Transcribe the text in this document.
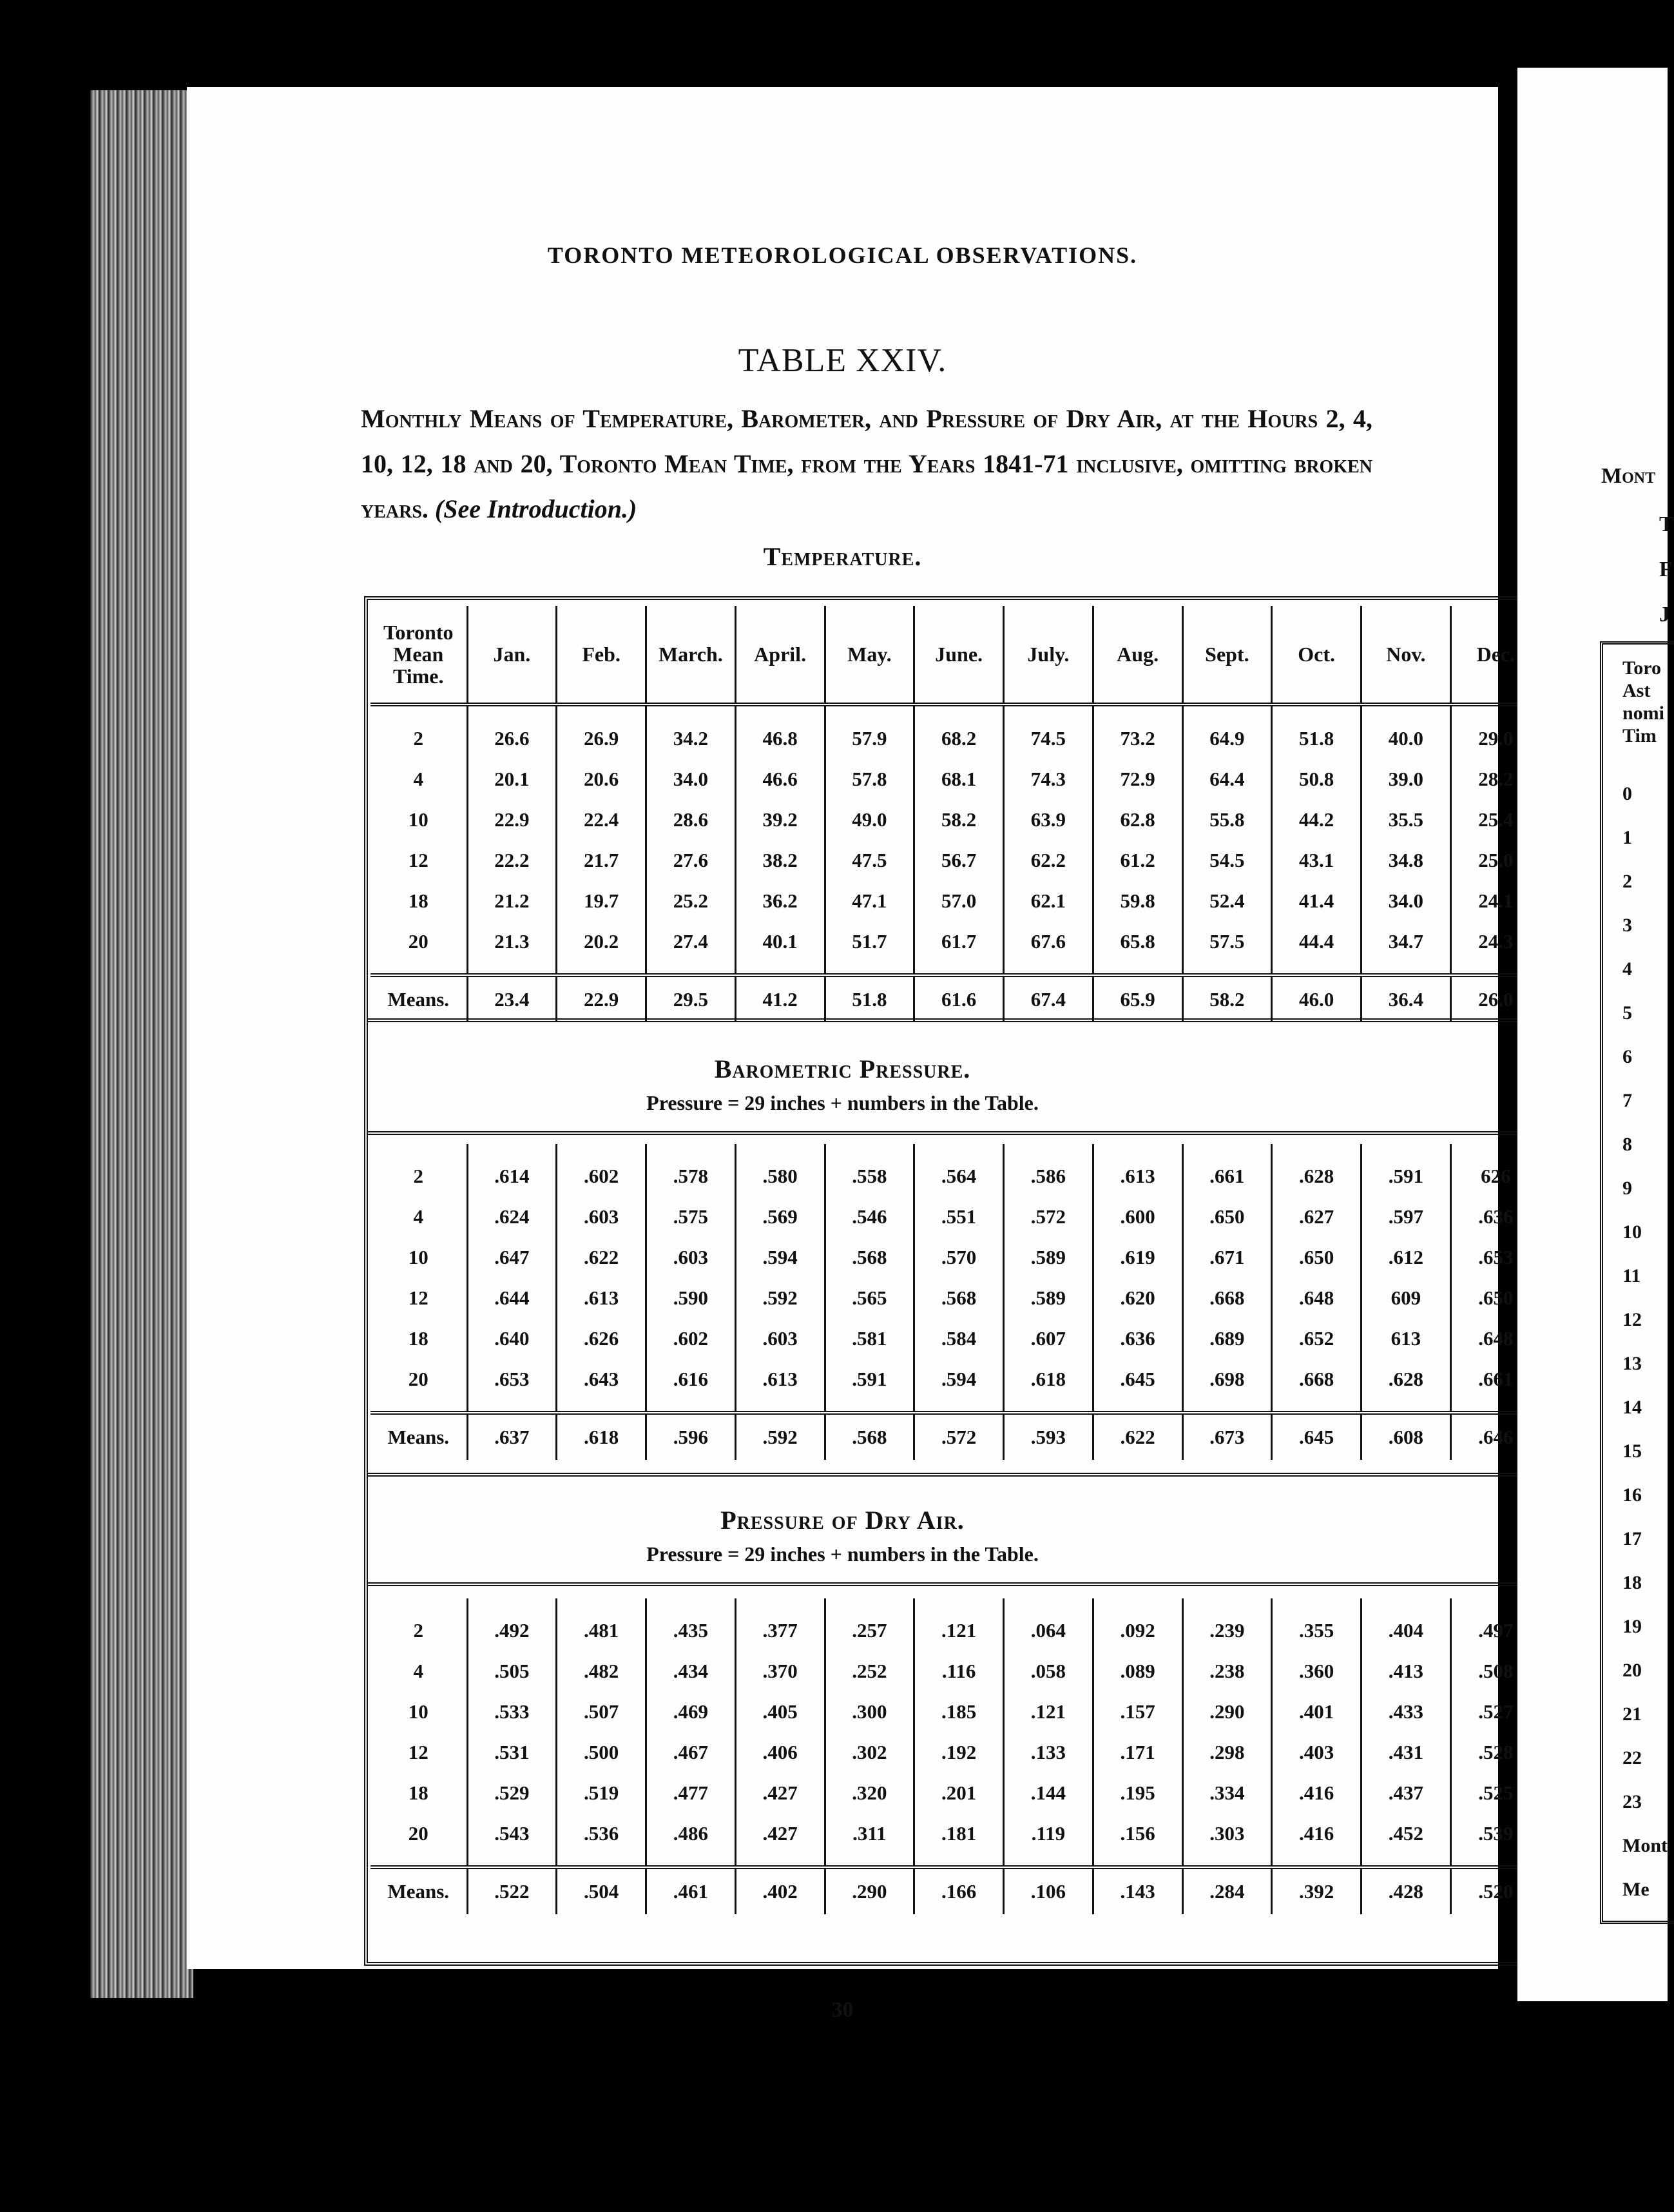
TORONTO METEOROLOGICAL OBSERVATIONS.
TABLE XXIV.
Monthly Means of Temperature, Barometer, and Pressure of Dry Air, at the Hours 2, 4, 10, 12, 18 and 20, Toronto Mean Time, from the Years 1841-71 inclusive, omitting broken years. (See Introduction.)
Temperature.
Toronto Mean Time.	Jan.	Feb.	March.	April.	May.	June.	July.	Aug.	Sept.	Oct.	Nov.	Dec.
2	26.6	26.9	34.2	46.8	57.9	68.2	74.5	73.2	64.9	51.8	40.0	29.0
4	20.1	20.6	34.0	46.6	57.8	68.1	74.3	72.9	64.4	50.8	39.0	28.2
10	22.9	22.4	28.6	39.2	49.0	58.2	63.9	62.8	55.8	44.2	35.5	25.4
12	22.2	21.7	27.6	38.2	47.5	56.7	62.2	61.2	54.5	43.1	34.8	25.0
18	21.2	19.7	25.2	36.2	47.1	57.0	62.1	59.8	52.4	41.4	34.0	24.1
20	21.3	20.2	27.4	40.1	51.7	61.7	67.6	65.8	57.5	44.4	34.7	24.3
Means.	23.4	22.9	29.5	41.2	51.8	61.6	67.4	65.9	58.2	46.0	36.4	26.0
Barometric Pressure.
Pressure = 29 inches + numbers in the Table.
2	.614	.602	.578	.580	.558	.564	.586	.613	.661	.628	.591	626
4	.624	.603	.575	.569	.546	.551	.572	.600	.650	.627	.597	.636
10	.647	.622	.603	.594	.568	.570	.589	.619	.671	.650	.612	.653
12	.644	.613	.590	.592	.565	.568	.589	.620	.668	.648	609	.650
18	.640	.626	.602	.603	.581	.584	.607	.636	.689	.652	613	.648
20	.653	.643	.616	.613	.591	.594	.618	.645	.698	.668	.628	.661
Means.	.637	.618	.596	.592	.568	.572	.593	.622	.673	.645	.608	.646
Pressure of Dry Air.
Pressure = 29 inches + numbers in the Table.
2	.492	.481	.435	.377	.257	.121	.064	.092	.239	.355	.404	.497
4	.505	.482	.434	.370	.252	.116	.058	.089	.238	.360	.413	.508
10	.533	.507	.469	.405	.300	.185	.121	.157	.290	.401	.433	.527
12	.531	.500	.467	.406	.302	.192	.133	.171	.298	.403	.431	.528
18	.529	.519	.477	.427	.320	.201	.144	.195	.334	.416	.437	.525
20	.543	.536	.486	.427	.311	.181	.119	.156	.303	.416	.452	.539
Means.	.522	.504	.461	.402	.290	.166	.106	.143	.284	.392	.428	.520
30
Mont
T
F
J
Toro
Ast
nomi
Tim
0
1
2
3
4
5
6
7
8
9
10
11
12
13
14
15
16
17
18
19
20
21
22
23
Mont
Me
